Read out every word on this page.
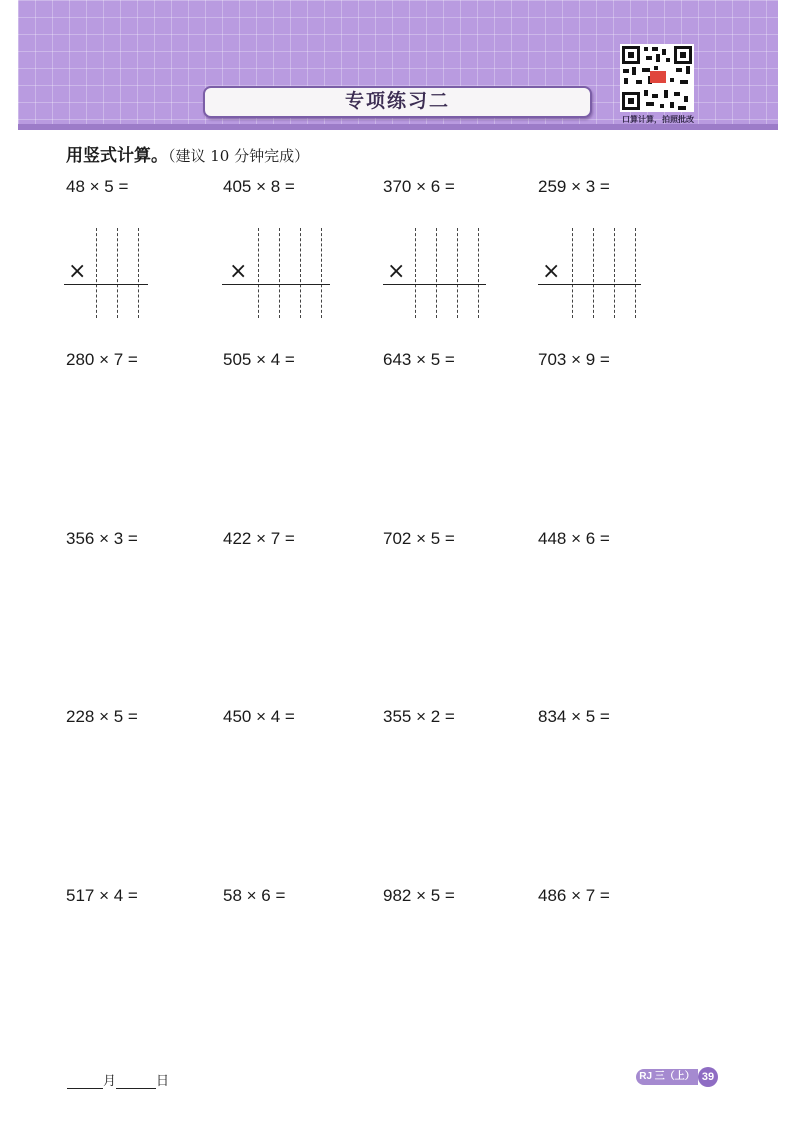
专项练习二
口算计算，拍照批改
用竖式计算。（建议 10 分钟完成）
48 × 5 =	405 × 8 =	370 × 6 =	259 × 3 =
×	×	×	×
280 × 7 =	505 × 4 =	643 × 5 =	703 × 9 =
356 × 3 =	422 × 7 =	702 × 5 =	448 × 6 =
228 × 5 =	450 × 4 =	355 × 2 =	834 × 5 =
517 × 4 =	58 × 6 =	982 × 5 =	486 × 7 =
月	日	RJ 三（上） 39
